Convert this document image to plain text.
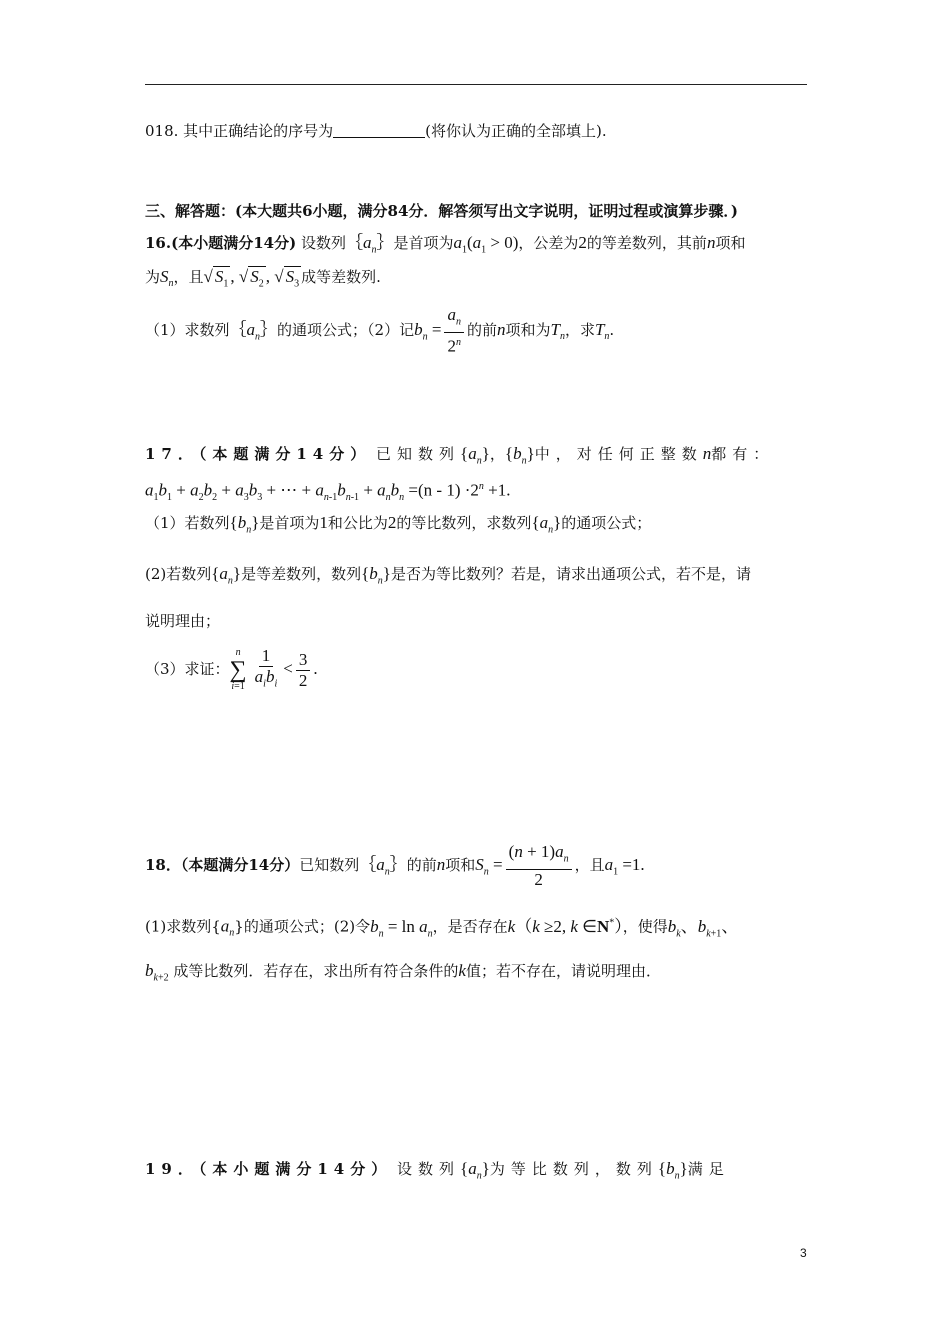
018. 其中正确结论的序号为	(将你认为正确的全部填上).
三、解答题：(本大题共6小题，满分84分．解答须写出文字说明，证明过程或演算步骤．)
16.(本小题满分14分) 设数列$\{a_n\}$是首项为$a_1(a_1 > 0)$，公差为2的等差数列，其前n项和
为$S_n$，且√ $S_1$ , √ $S_2$ , √ $S_3$ 成等差数列.
（1）求数列$\{a_n\}$的通项公式；（2）记$b_n = \frac{a_n}{2^n}$ 的前n项和为$T_n$，求$T_n$.
17．（本题满分14分） 已知数列$\{a_n\}$，$\{b_n\}$中，对任何正整数n都有：
$a_1b_1 + a_2b_2 + a_3b_3$ + ⋯ + $a_{n-1}b_{n-1} + a_nb_n =(n - 1) \cdot 2^n +1$.
（1）若数列$\{b_n\}$是首项为1和公比为2的等比数列，求数列$\{a_n\}$的通项公式；
(2)若数列$\{a_n\}$是等差数列，数列$\{b_n\}$是否为等比数列？若是，请求出通项公式，若不是，请
说明理由；
（3）求证：
n
∑
$i=1 \frac{1}{a_ib_i} < \frac{3}{2}$ .
18．（本题满分14分）已知数列$\{a_n\}$的前n项和$S_n = \frac{(n + 1)a_n}{2}$ ，且$a_1 =1$.
(1)求数列$\{a_n\}$的通项公式；(2)令$b_n = \ln a_n$，是否存在k（k ≥2, k ∈N*），使得$b_k$、$b_{k+1}$、
$b_{k+2}$ 成等比数列．若存在，求出所有符合条件的k值；若不存在，请说明理由．
19．（本小题满分14分） 设数列$\{a_n\}$为等比数列，数列$\{b_n\}$满足
3
